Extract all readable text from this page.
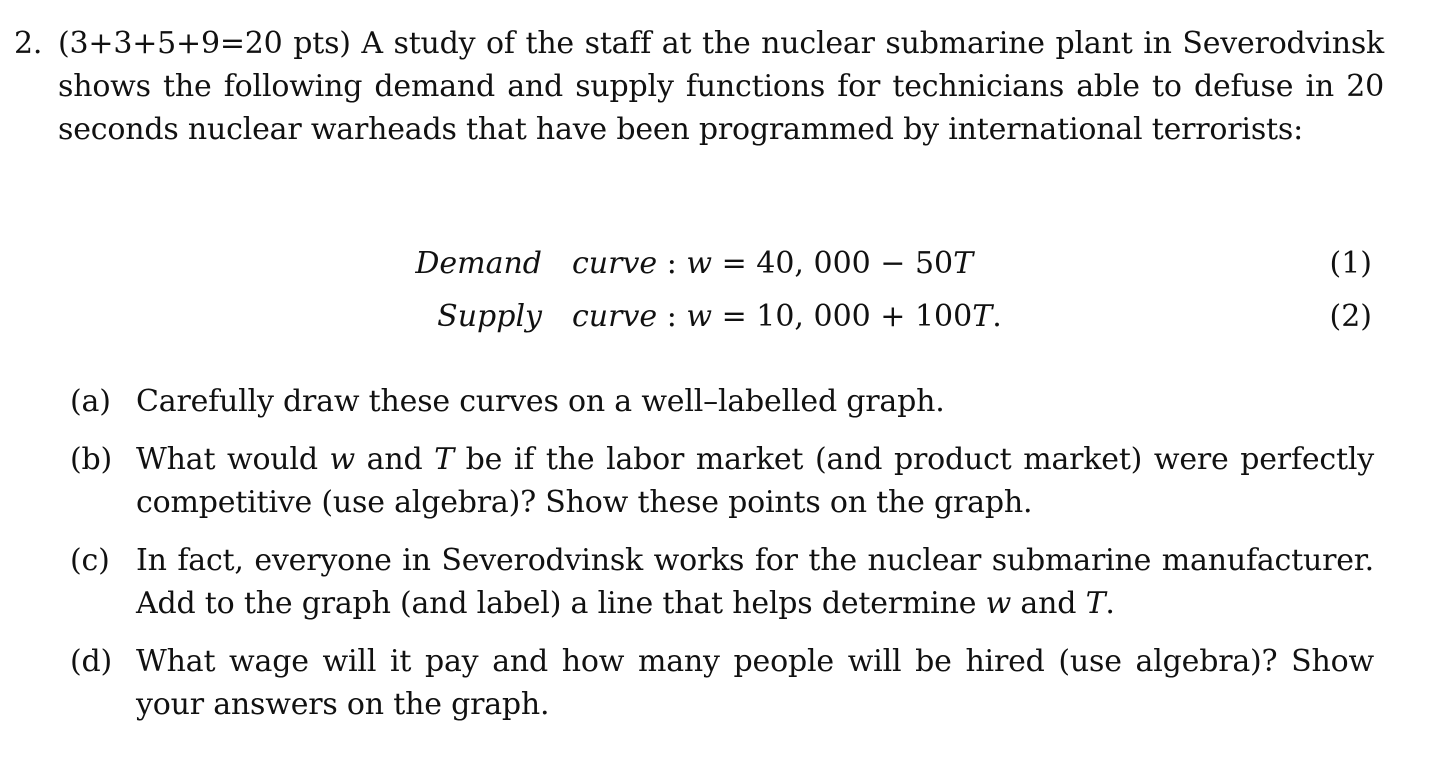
2. (3+3+5+9=20 pts) A study of the staff at the nuclear submarine plant in Severodvinsk shows the following demand and supply functions for technicians able to defuse in 20 seconds nuclear warheads that have been programmed by international terrorists:
Demand curve : w = 40, 000 − 50T	(1)
Supply curve : w = 10, 000 + 100T.	(2)
(a) Carefully draw these curves on a well–labelled graph.
(b) What would w and T be if the labor market (and product market) were perfectly competitive (use algebra)? Show these points on the graph.
(c) In fact, everyone in Severodvinsk works for the nuclear submarine manufacturer. Add to the graph (and label) a line that helps determine w and T.
(d) What wage will it pay and how many people will be hired (use algebra)? Show your answers on the graph.
